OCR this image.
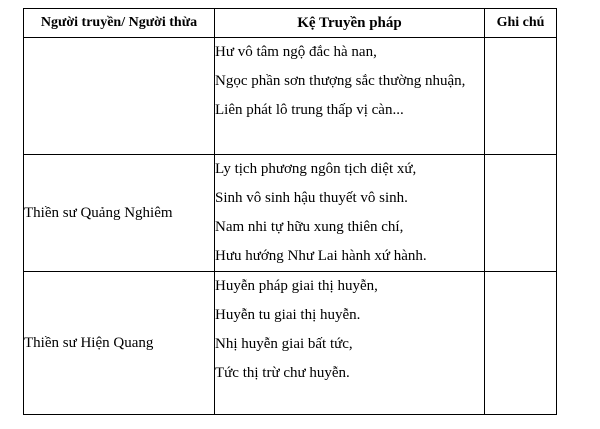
Người truyền/ Người thừa	Kệ Truyền pháp	Ghi chú

	Hư vô tâm ngộ đắc hà nan,
Ngọc phần sơn thượng sắc thường nhuận,
Liên phát lô trung thấp vị càn...	

Thiền sư Quảng Nghiêm	Ly tịch phương ngôn tịch diệt xứ,
Sinh vô sinh hậu thuyết vô sinh.
Nam nhi tự hữu xung thiên chí,
Hưu hướng Như Lai hành xứ hành.	

Thiền sư Hiện Quang	Huyễn pháp giai thị huyễn,
Huyễn tu giai thị huyễn.
Nhị huyễn giai bất tức,
Tức thị trừ chư huyễn.	
